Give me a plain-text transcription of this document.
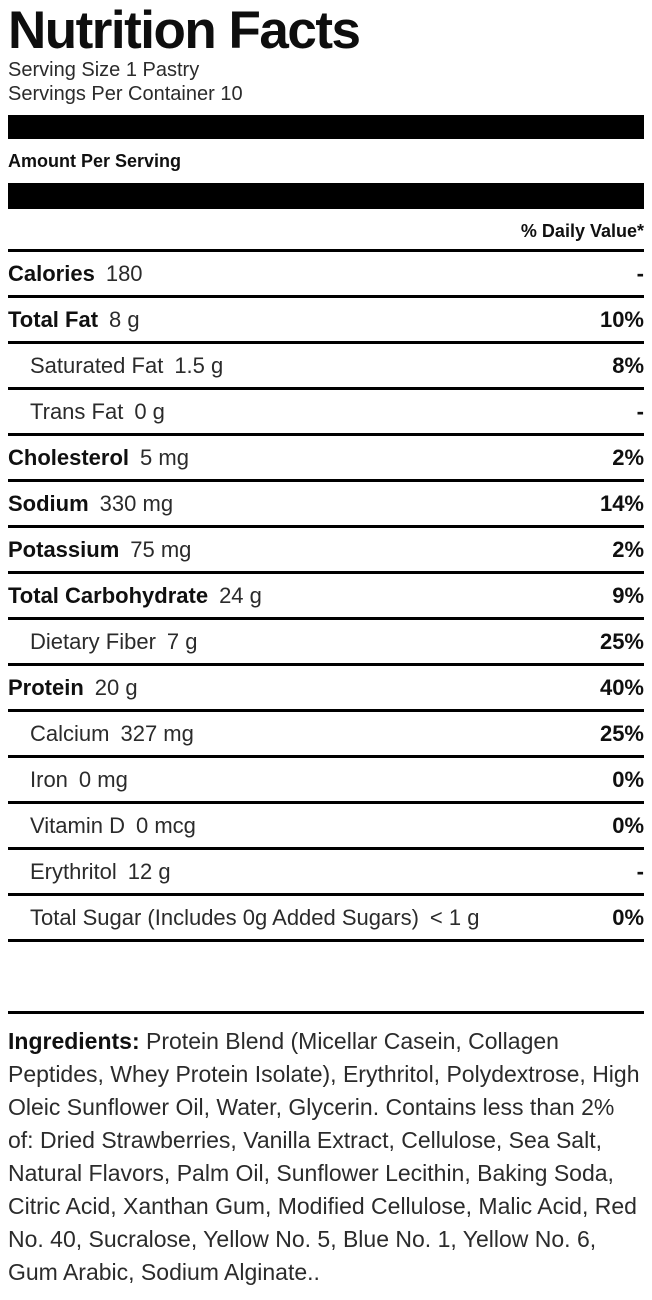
Nutrition Facts
Serving Size 1 Pastry
Servings Per Container 10
Amount Per Serving
% Daily Value*
Calories 180	-
Total Fat 8 g	10%
Saturated Fat 1.5 g	8%
Trans Fat 0 g	-
Cholesterol 5 mg	2%
Sodium 330 mg	14%
Potassium 75 mg	2%
Total Carbohydrate 24 g	9%
Dietary Fiber 7 g	25%
Protein 20 g	40%
Calcium 327 mg	25%
Iron 0 mg	0%
Vitamin D 0 mcg	0%
Erythritol 12 g	-
Total Sugar (Includes 0g Added Sugars) < 1 g	0%
Ingredients: Protein Blend (Micellar Casein, Collagen Peptides, Whey Protein Isolate), Erythritol, Polydextrose, High Oleic Sunflower Oil, Water, Glycerin. Contains less than 2% of: Dried Strawberries, Vanilla Extract, Cellulose, Sea Salt, Natural Flavors, Palm Oil, Sunflower Lecithin, Baking Soda, Citric Acid, Xanthan Gum, Modified Cellulose, Malic Acid, Red No. 40, Sucralose, Yellow No. 5, Blue No. 1, Yellow No. 6, Gum Arabic, Sodium Alginate..
